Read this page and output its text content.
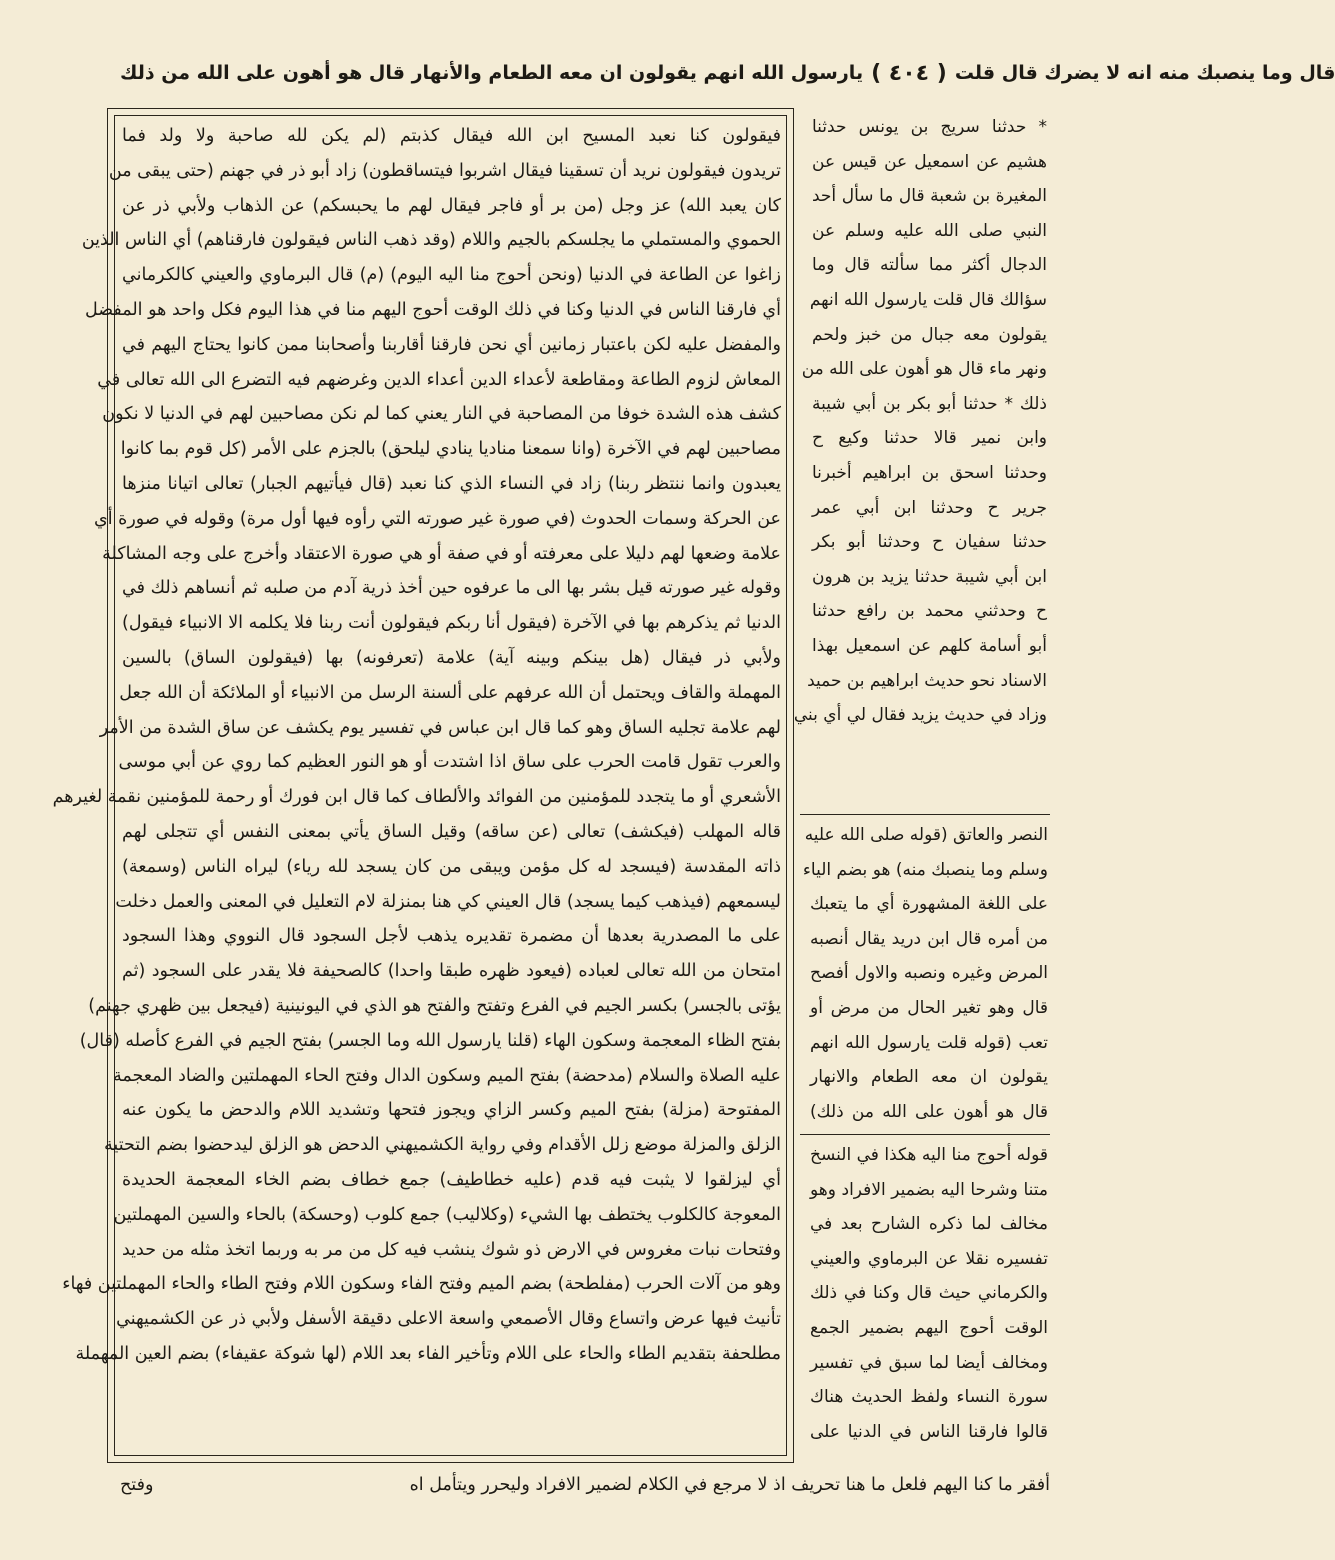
يارسول الله انهم يقولون ان معه الطعام والأنهار قال هو أهون على الله من ذلك ( ٤٠٤ ) قال وما ينصبك منه انه لا يضرك قال قلت
فيقولون كنا نعبد المسيح ابن الله فيقال كذبتم (لم يكن لله صاحبة ولا ولد فما
تريدون فيقولون نريد أن تسقينا فيقال اشربوا فيتساقطون) زاد أبو ذر في جهنم (حتى يبقى من
كان يعبد الله) عز وجل (من بر أو فاجر فيقال لهم ما يحبسكم) عن الذهاب ولأبي ذر عن
الحموي والمستملي ما يجلسكم بالجيم واللام (وقد ذهب الناس فيقولون فارقناهم) أي الناس الذين
زاغوا عن الطاعة في الدنيا (ونحن أحوج منا اليه اليوم) (م) قال البرماوي والعيني كالكرماني
أي فارقنا الناس في الدنيا وكنا في ذلك الوقت أحوج اليهم منا في هذا اليوم فكل واحد هو المفضل
والمفضل عليه لكن باعتبار زمانين أي نحن فارقنا أقاربنا وأصحابنا ممن كانوا يحتاج اليهم في
المعاش لزوم الطاعة ومقاطعة لأعداء الدين أعداء الدين وغرضهم فيه التضرع الى الله تعالى في
كشف هذه الشدة خوفا من المصاحبة في النار يعني كما لم نكن مصاحبين لهم في الدنيا لا نكون
مصاحبين لهم في الآخرة (وانا سمعنا مناديا ينادي ليلحق) بالجزم على الأمر (كل قوم بما كانوا
يعبدون وانما ننتظر ربنا) زاد في النساء الذي كنا نعبد (قال فيأتيهم الجبار) تعالى اتيانا منزها
عن الحركة وسمات الحدوث (في صورة غير صورته التي رأوه فيها أول مرة) وقوله في صورة أي
علامة وضعها لهم دليلا على معرفته أو في صفة أو هي صورة الاعتقاد وأخرج على وجه المشاكلة
وقوله غير صورته قيل بشر بها الى ما عرفوه حين أخذ ذرية آدم من صلبه ثم أنساهم ذلك في
الدنيا ثم يذكرهم بها في الآخرة (فيقول أنا ربكم فيقولون أنت ربنا فلا يكلمه الا الانبياء فيقول)
ولأبي ذر فيقال (هل بينكم وبينه آية) علامة (تعرفونه) بها (فيقولون الساق) بالسين
المهملة والقاف ويحتمل أن الله عرفهم على ألسنة الرسل من الانبياء أو الملائكة أن الله جعل
لهم علامة تجليه الساق وهو كما قال ابن عباس في تفسير يوم يكشف عن ساق الشدة من الأمر
والعرب تقول قامت الحرب على ساق اذا اشتدت أو هو النور العظيم كما روي عن أبي موسى
الأشعري أو ما يتجدد للمؤمنين من الفوائد والألطاف كما قال ابن فورك أو رحمة للمؤمنين نقمة لغيرهم
قاله المهلب (فيكشف) تعالى (عن ساقه) وقيل الساق يأتي بمعنى النفس أي تتجلى لهم
ذاته المقدسة (فيسجد له كل مؤمن ويبقى من كان يسجد لله رياء) ليراه الناس (وسمعة)
ليسمعهم (فيذهب كيما يسجد) قال العيني كي هنا بمنزلة لام التعليل في المعنى والعمل دخلت
على ما المصدرية بعدها أن مضمرة تقديره يذهب لأجل السجود قال النووي وهذا السجود
امتحان من الله تعالى لعباده (فيعود ظهره طبقا واحدا) كالصحيفة فلا يقدر على السجود (ثم
يؤتى بالجسر) بكسر الجيم في الفرع وتفتح والفتح هو الذي في اليونينية (فيجعل بين ظهري جهنم)
بفتح الظاء المعجمة وسكون الهاء (قلنا يارسول الله وما الجسر) بفتح الجيم في الفرع كأصله (قال)
عليه الصلاة والسلام (مدحضة) بفتح الميم وسكون الدال وفتح الحاء المهملتين والضاد المعجمة
المفتوحة (مزلة) بفتح الميم وكسر الزاي ويجوز فتحها وتشديد اللام والدحض ما يكون عنه
الزلق والمزلة موضع زلل الأقدام وفي رواية الكشميهني الدحض هو الزلق ليدحضوا بضم التحتية
أي ليزلقوا لا يثبت فيه قدم (عليه خطاطيف) جمع خطاف بضم الخاء المعجمة الحديدة
المعوجة كالكلوب يختطف بها الشيء (وكلاليب) جمع كلوب (وحسكة) بالحاء والسين المهملتين
وفتحات نبات مغروس في الارض ذو شوك ينشب فيه كل من مر به وربما اتخذ مثله من حديد
وهو من آلات الحرب (مفلطحة) بضم الميم وفتح الفاء وسكون اللام وفتح الطاء والحاء المهملتين فهاء
تأنيث فيها عرض واتساع وقال الأصمعي واسعة الاعلى دقيقة الأسفل ولأبي ذر عن الكشميهني
مطلحفة بتقديم الطاء والحاء على اللام وتأخير الفاء بعد اللام (لها شوكة عقيفاء) بضم العين المهملة
* حدثنا سريج بن يونس حدثنا
هشيم عن اسمعيل عن قيس عن
المغيرة بن شعبة قال ما سأل أحد
النبي صلى الله عليه وسلم عن
الدجال أكثر مما سألته قال وما
سؤالك قال قلت يارسول الله انهم
يقولون معه جبال من خبز ولحم
ونهر ماء قال هو أهون على الله من
ذلك * حدثنا أبو بكر بن أبي شيبة
وابن نمير قالا حدثنا وكيع ح
وحدثنا اسحق بن ابراهيم أخبرنا
جرير ح وحدثنا ابن أبي عمر
حدثنا سفيان ح وحدثنا أبو بكر
ابن أبي شيبة حدثنا يزيد بن هرون
ح وحدثني محمد بن رافع حدثنا
أبو أسامة كلهم عن اسمعيل بهذا
الاسناد نحو حديث ابراهيم بن حميد
وزاد في حديث يزيد فقال لي أي بني
النصر والعاتق (قوله صلى الله عليه
وسلم وما ينصبك منه) هو بضم الياء
على اللغة المشهورة أي ما يتعبك
من أمره قال ابن دريد يقال أنصبه
المرض وغيره ونصبه والاول أفصح
قال وهو تغير الحال من مرض أو
تعب (قوله قلت يارسول الله انهم
يقولون ان معه الطعام والانهار
قال هو أهون على الله من ذلك)
قوله أحوج منا اليه هكذا في النسخ
متنا وشرحا اليه بضمير الافراد وهو
مخالف لما ذكره الشارح بعد في
تفسيره نقلا عن البرماوي والعيني
والكرماني حيث قال وكنا في ذلك
الوقت أحوج اليهم بضمير الجمع
ومخالف أيضا لما سبق في تفسير
سورة النساء ولفظ الحديث هناك
قالوا فارقنا الناس في الدنيا على
أفقر ما كنا اليهم فلعل ما هنا تحريف اذ لا مرجع في الكلام لضمير الافراد وليحرر ويتأمل اه
وفتح
